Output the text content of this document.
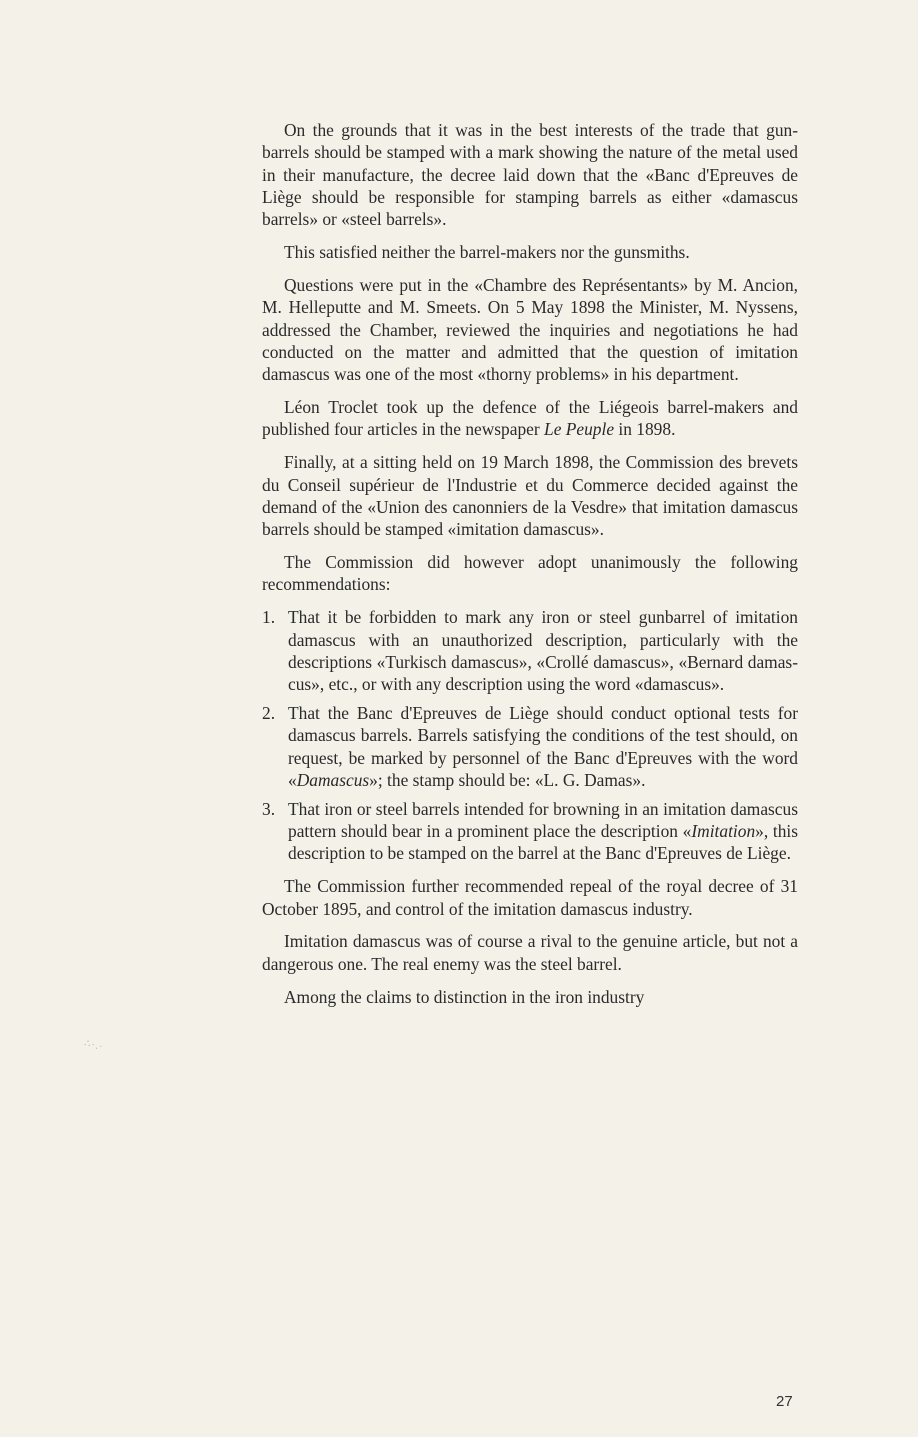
∴·.·

On the grounds that it was in the best interests of the trade that gun-barrels should be stamped with a mark showing the nature of the metal used in their manufacture, the decree laid down that the «Banc d'Epreuves de Liège should be responsible for stamping barrels as either «damascus barrels» or «steel barrels».

This satisfied neither the barrel-makers nor the gunsmiths.

Questions were put in the «Chambre des Représentants» by M. Ancion, M. Helleputte and M. Smeets. On 5 May 1898 the Minister, M. Nyssens, addressed the Chamber, reviewed the inquiries and negotiations he had conducted on the matter and admitted that the question of imitation damascus was one of the most «thorny problems» in his department.

Léon Troclet took up the defence of the Liégeois barrel-makers and published four articles in the newspaper Le Peuple in 1898.

Finally, at a sitting held on 19 March 1898, the Commission des brevets du Conseil supérieur de l'Industrie et du Commerce decided against the demand of the «Union des canonniers de la Vesdre» that imitation damascus barrels should be stamped «imitation damascus».

The Commission did however adopt unanimously the following recommendations:

1. That it be forbidden to mark any iron or steel gunbarrel of imitation damascus with an unauthorized description, particularly with the descriptions «Turkisch damascus», «Crollé damascus», «Bernard damascus», etc., or with any description using the word «damascus».
2. That the Banc d'Epreuves de Liège should conduct optional tests for damascus barrels. Barrels satisfying the conditions of the test should, on request, be marked by personnel of the Banc d'Epreuves with the word «Damascus»; the stamp should be: «L. G. Damas».
3. That iron or steel barrels intended for browning in an imitation damascus pattern should bear in a prominent place the description «Imitation», this description to be stamped on the barrel at the Banc d'Epreuves de Liège.

The Commission further recommended repeal of the royal decree of 31 October 1895, and control of the imitation damascus industry.

Imitation damascus was of course a rival to the genuine article, but not a dangerous one. The real enemy was the steel barrel.

Among the claims to distinction in the iron industry

27
